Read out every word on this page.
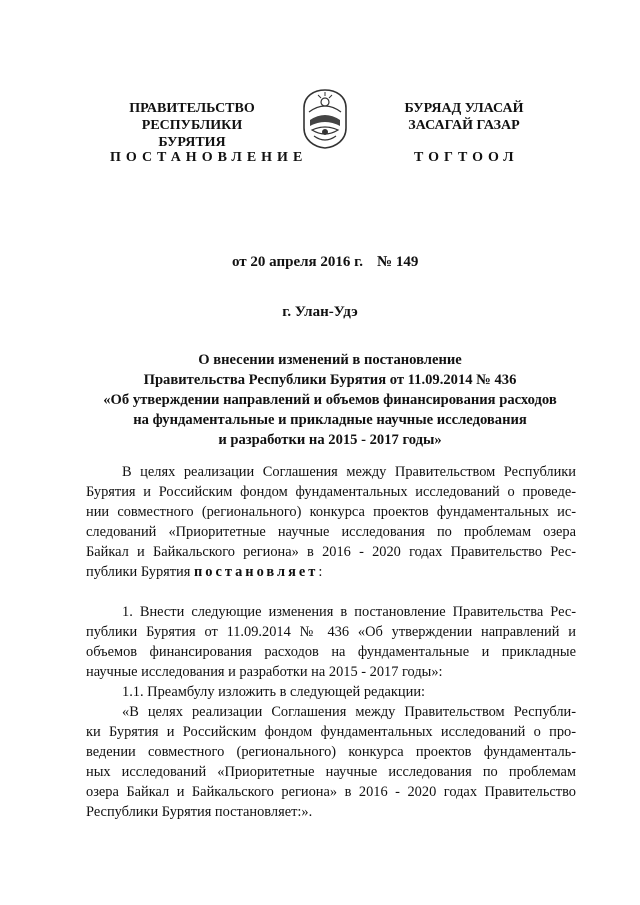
ПРАВИТЕЛЬСТВО
РЕСПУБЛИКИ БУРЯТИЯ
ПОСТАНОВЛЕНИЕ
БУРЯАД УЛАСАЙ
ЗАСАГАЙ ГАЗАР
ТОГТООЛ
от 20 апреля 2016 г. № 149
г. Улан-Удэ
О внесении изменений в постановление
Правительства Республики Бурятия от 11.09.2014 № 436
«Об утверждении направлений и объемов финансирования расходов
на фундаментальные и прикладные научные исследования
и разработки на 2015 - 2017 годы»
В целях реализации Соглашения между Правительством Республики
Бурятия и Российским фондом фундаментальных исследований о проведе-
нии совместного (регионального) конкурса проектов фундаментальных ис-
следований «Приоритетные научные исследования по проблемам озера
Байкал и Байкальского региона» в 2016 - 2020 годах Правительство Рес-
публики Бурятия постановляет:
1. Внести следующие изменения в постановление Правительства Рес-
публики Бурятия от 11.09.2014 № 436 «Об утверждении направлений и
объемов финансирования расходов на фундаментальные и прикладные
научные исследования и разработки на 2015 - 2017 годы»:
1.1. Преамбулу изложить в следующей редакции:
«В целях реализации Соглашения между Правительством Республи-
ки Бурятия и Российским фондом фундаментальных исследований о про-
ведении совместного (регионального) конкурса проектов фундаменталь-
ных исследований «Приоритетные научные исследования по проблемам
озера Байкал и Байкальского региона» в 2016 - 2020 годах Правительство
Республики Бурятия постановляет:».
